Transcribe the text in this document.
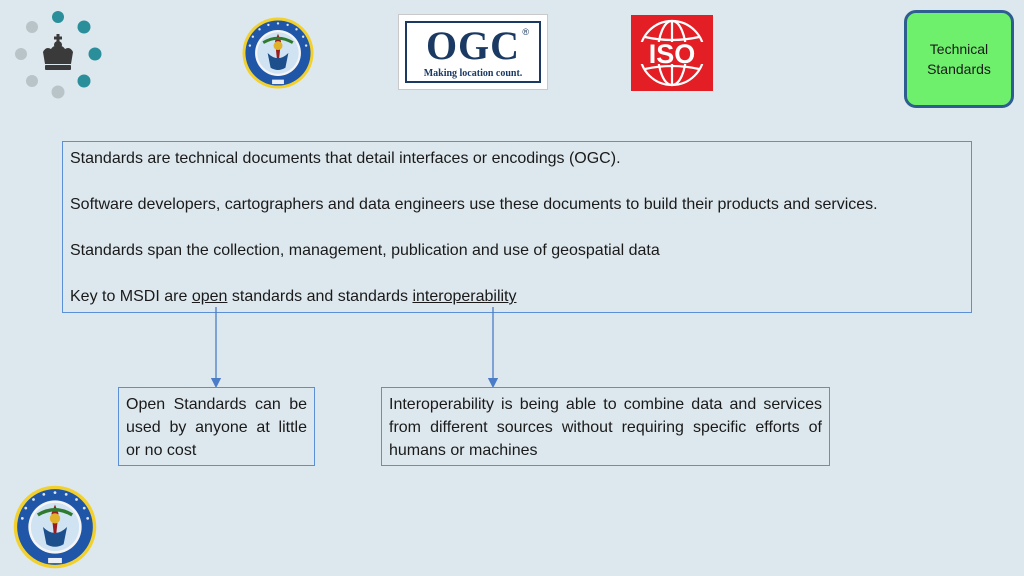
®
OGC
Making location count.
ISO	Technical
Standards

Standards are technical documents that detail interfaces or encodings (OGC).

Software developers, cartographers and data engineers use these documents to build their products and services.

Standards span the collection, management, publication and use of geospatial data

Key to MSDI are open standards and standards interoperability

Open Standards can be used by anyone at little or no cost
Interoperability is being able to combine data and services from different sources without requiring specific efforts of humans or machines
